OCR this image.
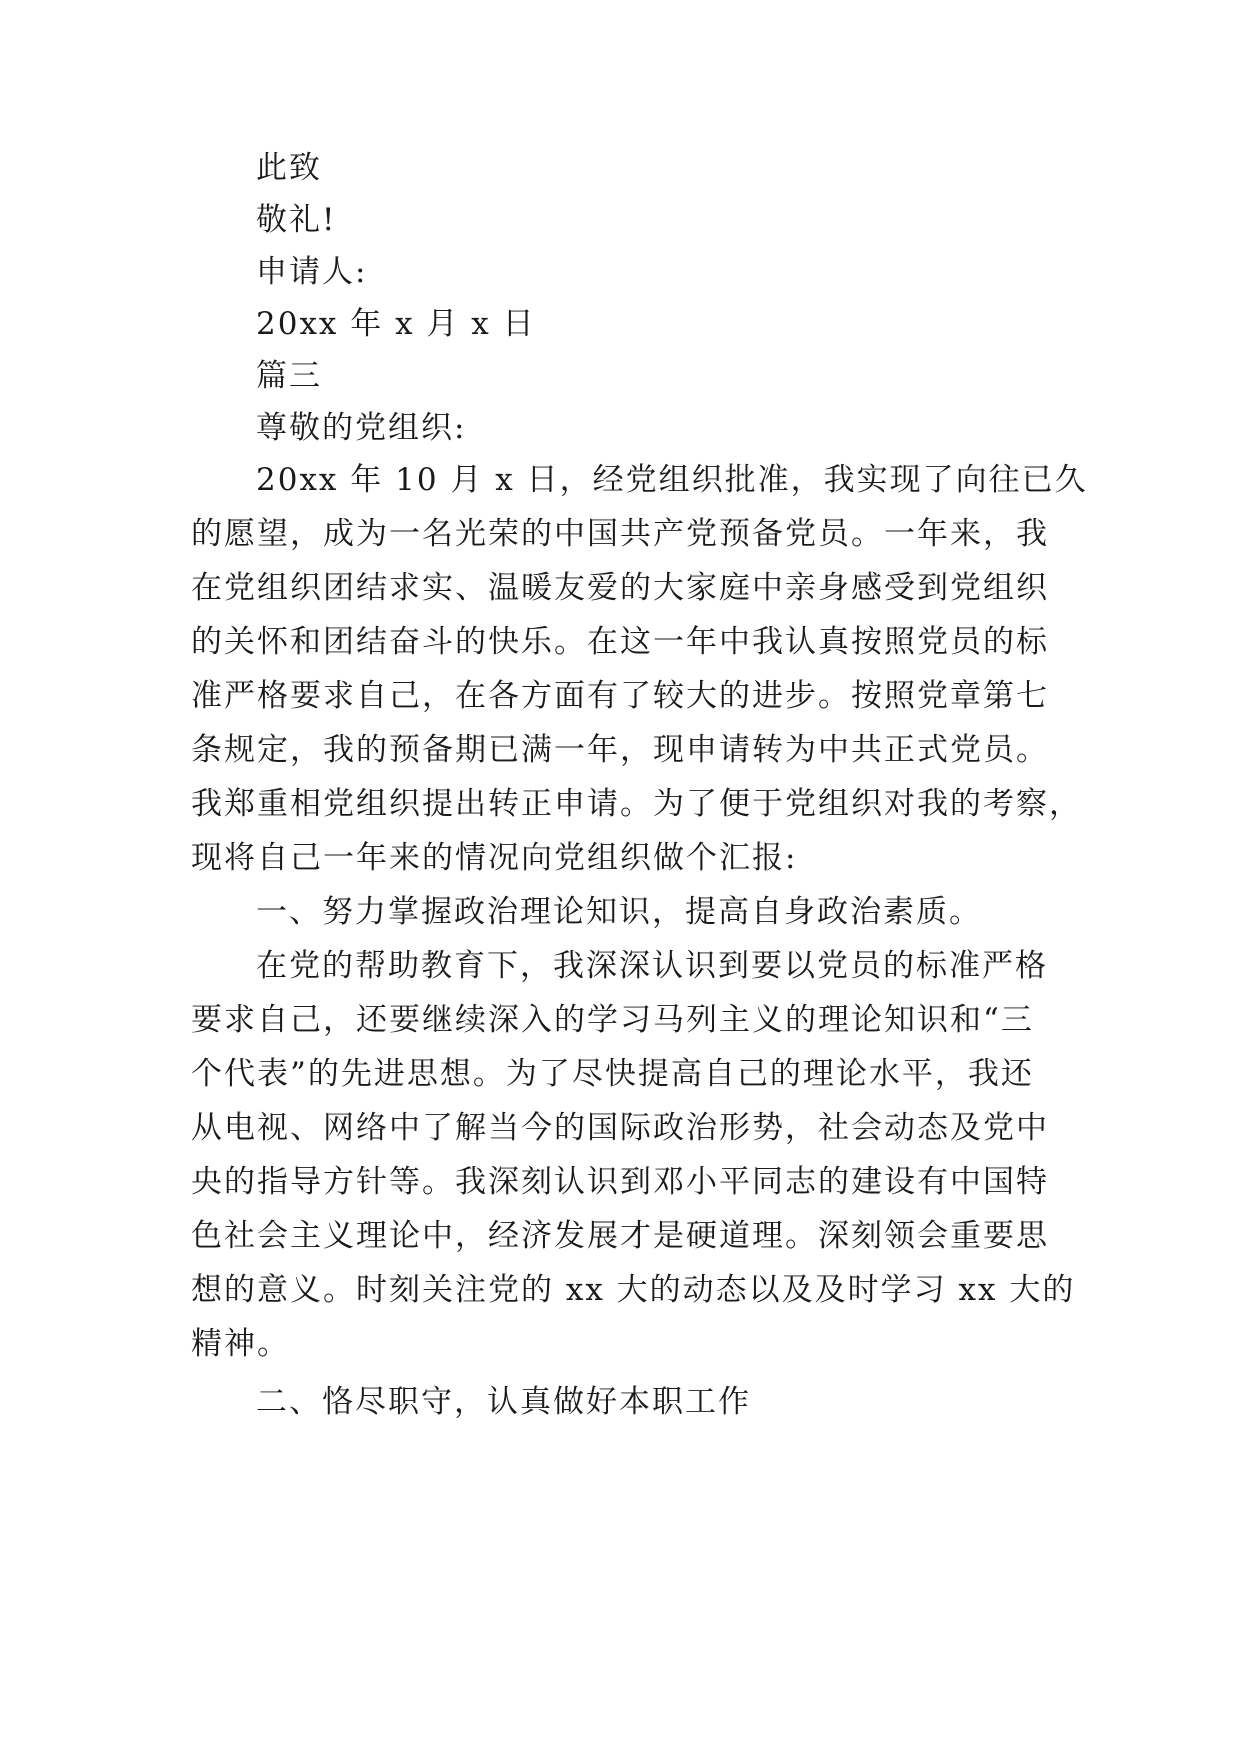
此致
敬礼!
申请人:
20xx 年 x 月 x 日
篇三
尊敬的党组织:
20xx 年 10 月 x 日，经党组织批准，我实现了向往已久
的愿望，成为一名光荣的中国共产党预备党员。一年来，我
在党组织团结求实、温暖友爱的大家庭中亲身感受到党组织
的关怀和团结奋斗的快乐。在这一年中我认真按照党员的标
准严格要求自己，在各方面有了较大的进步。按照党章第七
条规定，我的预备期已满一年，现申请转为中共正式党员。
我郑重相党组织提出转正申请。为了便于党组织对我的考察，
现将自己一年来的情况向党组织做个汇报:
一、努力掌握政治理论知识，提高自身政治素质。
在党的帮助教育下，我深深认识到要以党员的标准严格
要求自己，还要继续深入的学习马列主义的理论知识和“三
个代表”的先进思想。为了尽快提高自己的理论水平，我还
从电视、网络中了解当今的国际政治形势，社会动态及党中
央的指导方针等。我深刻认识到邓小平同志的建设有中国特
色社会主义理论中，经济发展才是硬道理。深刻领会重要思
想的意义。时刻关注党的 xx 大的动态以及及时学习 xx 大的
精神。
二、恪尽职守，认真做好本职工作
